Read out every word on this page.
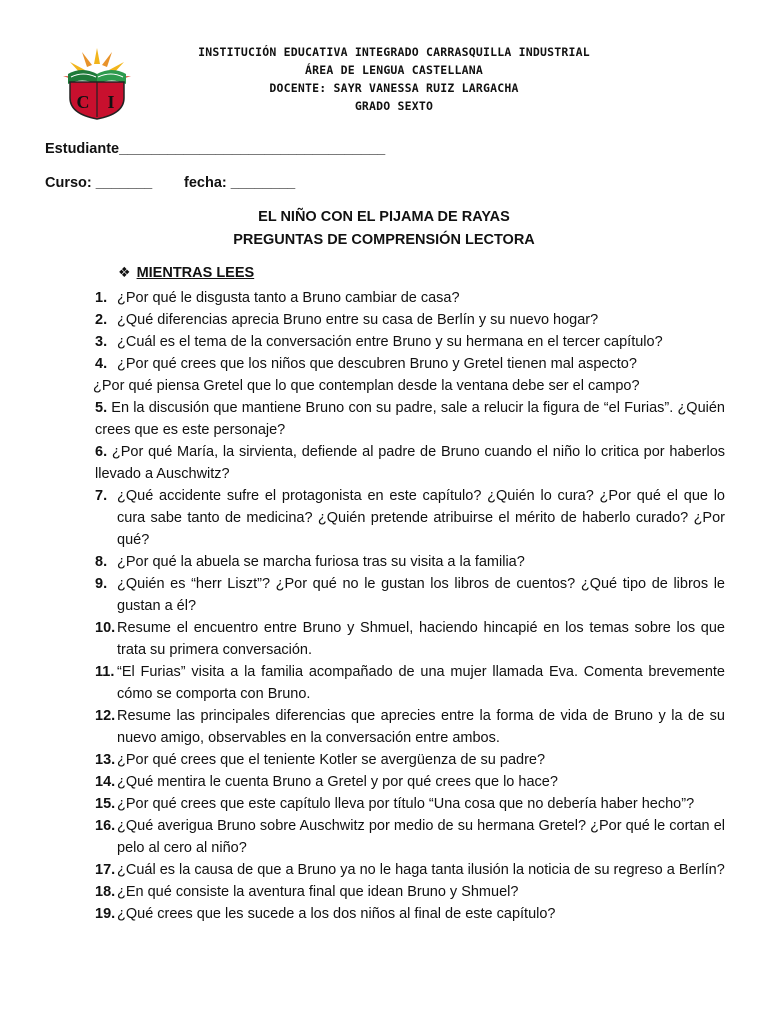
C I
INSTITUCIÓN EDUCATIVA INTEGRADO CARRASQUILLA INDUSTRIAL
ÁREA DE LENGUA CASTELLANA
DOCENTE: SAYR VANESSA RUIZ LARGACHA
GRADO SEXTO
Estudiante_________________________________
Curso: _______ fecha: ________
EL NIÑO CON EL PIJAMA DE RAYAS
PREGUNTAS DE COMPRENSIÓN LECTORA
❖ MIENTRAS LEES
1. ¿Por qué le disgusta tanto a Bruno cambiar de casa?
2. ¿Qué diferencias aprecia Bruno entre su casa de Berlín y su nuevo hogar?
3. ¿Cuál es el tema de la conversación entre Bruno y su hermana en el tercer capítulo?
4. ¿Por qué crees que los niños que descubren Bruno y Gretel tienen mal aspecto?
¿Por qué piensa Gretel que lo que contemplan desde la ventana debe ser el campo?
5. En la discusión que mantiene Bruno con su padre, sale a relucir la figura de “el Furias”. ¿Quién crees que es este personaje?
6. ¿Por qué María, la sirvienta, defiende al padre de Bruno cuando el niño lo critica por haberlos llevado a Auschwitz?
7. ¿Qué accidente sufre el protagonista en este capítulo? ¿Quién lo cura? ¿Por qué el que lo cura sabe tanto de medicina? ¿Quién pretende atribuirse el mérito de haberlo curado? ¿Por qué?
8. ¿Por qué la abuela se marcha furiosa tras su visita a la familia?
9. ¿Quién es “herr Liszt”? ¿Por qué no le gustan los libros de cuentos? ¿Qué tipo de libros le gustan a él?
10. Resume el encuentro entre Bruno y Shmuel, haciendo hincapié en los temas sobre los que trata su primera conversación.
11. “El Furias” visita a la familia acompañado de una mujer llamada Eva. Comenta brevemente cómo se comporta con Bruno.
12. Resume las principales diferencias que aprecies entre la forma de vida de Bruno y la de su nuevo amigo, observables en la conversación entre ambos.
13. ¿Por qué crees que el teniente Kotler se avergüenza de su padre?
14. ¿Qué mentira le cuenta Bruno a Gretel y por qué crees que lo hace?
15. ¿Por qué crees que este capítulo lleva por título “Una cosa que no debería haber hecho”?
16. ¿Qué averigua Bruno sobre Auschwitz por medio de su hermana Gretel? ¿Por qué le cortan el pelo al cero al niño?
17. ¿Cuál es la causa de que a Bruno ya no le haga tanta ilusión la noticia de su regreso a Berlín?
18. ¿En qué consiste la aventura final que idean Bruno y Shmuel?
19. ¿Qué crees que les sucede a los dos niños al final de este capítulo?
